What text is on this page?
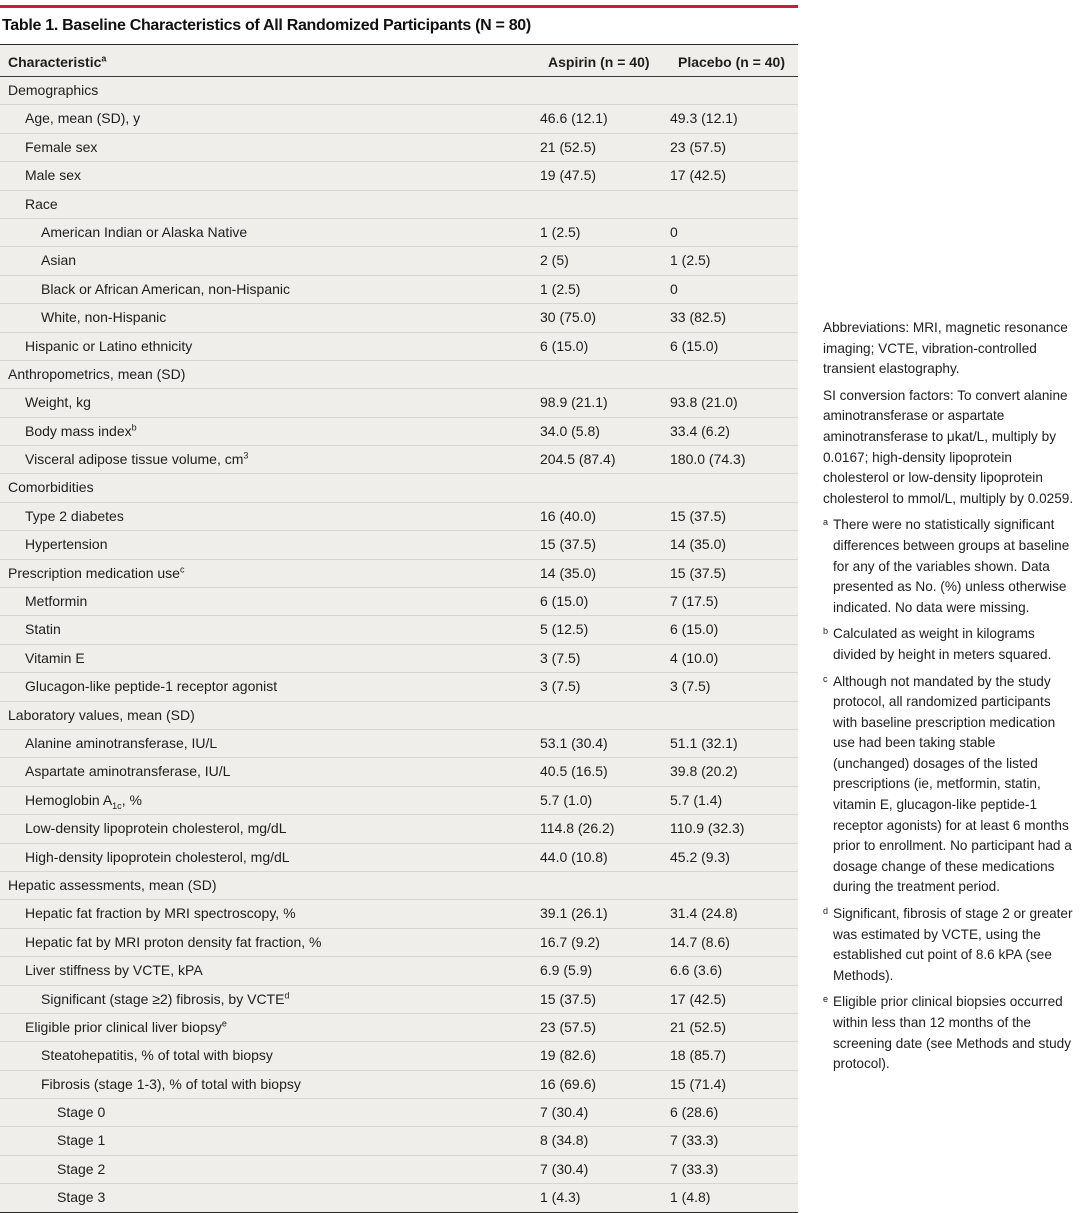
Table 1. Baseline Characteristics of All Randomized Participants (N = 80)
Characteristic$^a$	Aspirin (n = 40)	Placebo (n = 40)
Demographics
Age, mean (SD), y	46.6 (12.1)	49.3 (12.1)
Female sex	21 (52.5)	23 (57.5)
Male sex	19 (47.5)	17 (42.5)
Race
American Indian or Alaska Native	1 (2.5)	0
Asian	2 (5)	1 (2.5)
Black or African American, non-Hispanic	1 (2.5)	0
White, non-Hispanic	30 (75.0)	33 (82.5)
Hispanic or Latino ethnicity	6 (15.0)	6 (15.0)
Anthropometrics, mean (SD)
Weight, kg	98.9 (21.1)	93.8 (21.0)
Body mass index$^b$	34.0 (5.8)	33.4 (6.2)
Visceral adipose tissue volume, $cm^3$	204.5 (87.4)	180.0 (74.3)
Comorbidities
Type 2 diabetes	16 (40.0)	15 (37.5)
Hypertension	15 (37.5)	14 (35.0)
Prescription medication use$^c$	14 (35.0)	15 (37.5)
Metformin	6 (15.0)	7 (17.5)
Statin	5 (12.5)	6 (15.0)
Vitamin E	3 (7.5)	4 (10.0)
Glucagon-like peptide-1 receptor agonist	3 (7.5)	3 (7.5)
Laboratory values, mean (SD)
Alanine aminotransferase, IU/L	53.1 (30.4)	51.1 (32.1)
Aspartate aminotransferase, IU/L	40.5 (16.5)	39.8 (20.2)
Hemoglobin $A_{1c}$, %	5.7 (1.0)	5.7 (1.4)
Low-density lipoprotein cholesterol, mg/dL	114.8 (26.2)	110.9 (32.3)
High-density lipoprotein cholesterol, mg/dL	44.0 (10.8)	45.2 (9.3)
Hepatic assessments, mean (SD)
Hepatic fat fraction by MRI spectroscopy, %	39.1 (26.1)	31.4 (24.8)
Hepatic fat by MRI proton density fat fraction, %	16.7 (9.2)	14.7 (8.6)
Liver stiffness by VCTE, kPA	6.9 (5.9)	6.6 (3.6)
Significant (stage ≥2) fibrosis, by VCTE$^d$	15 (37.5)	17 (42.5)
Eligible prior clinical liver biopsy$^e$	23 (57.5)	21 (52.5)
Steatohepatitis, % of total with biopsy	19 (82.6)	18 (85.7)
Fibrosis (stage 1-3), % of total with biopsy	16 (69.6)	15 (71.4)
Stage 0	7 (30.4)	6 (28.6)
Stage 1	8 (34.8)	7 (33.3)
Stage 2	7 (30.4)	7 (33.3)
Stage 3	1 (4.3)	1 (4.8)

Abbreviations: MRI, magnetic resonance imaging; VCTE, vibration-controlled transient elastography.

SI conversion factors: To convert alanine aminotransferase or aspartate aminotransferase to μkat/L, multiply by 0.0167; high-density lipoprotein cholesterol or low-density lipoprotein cholesterol to mmol/L, multiply by 0.0259.

a There were no statistically significant differences between groups at baseline for any of the variables shown. Data presented as No. (%) unless otherwise indicated. No data were missing.
b Calculated as weight in kilograms divided by height in meters squared.
c Although not mandated by the study protocol, all randomized participants with baseline prescription medication use had been taking stable (unchanged) dosages of the listed prescriptions (ie, metformin, statin, vitamin E, glucagon-like peptide-1 receptor agonists) for at least 6 months prior to enrollment. No participant had a dosage change of these medications during the treatment period.
d Significant, fibrosis of stage 2 or greater was estimated by VCTE, using the established cut point of 8.6 kPA (see Methods).
e Eligible prior clinical biopsies occurred within less than 12 months of the screening date (see Methods and study protocol).
